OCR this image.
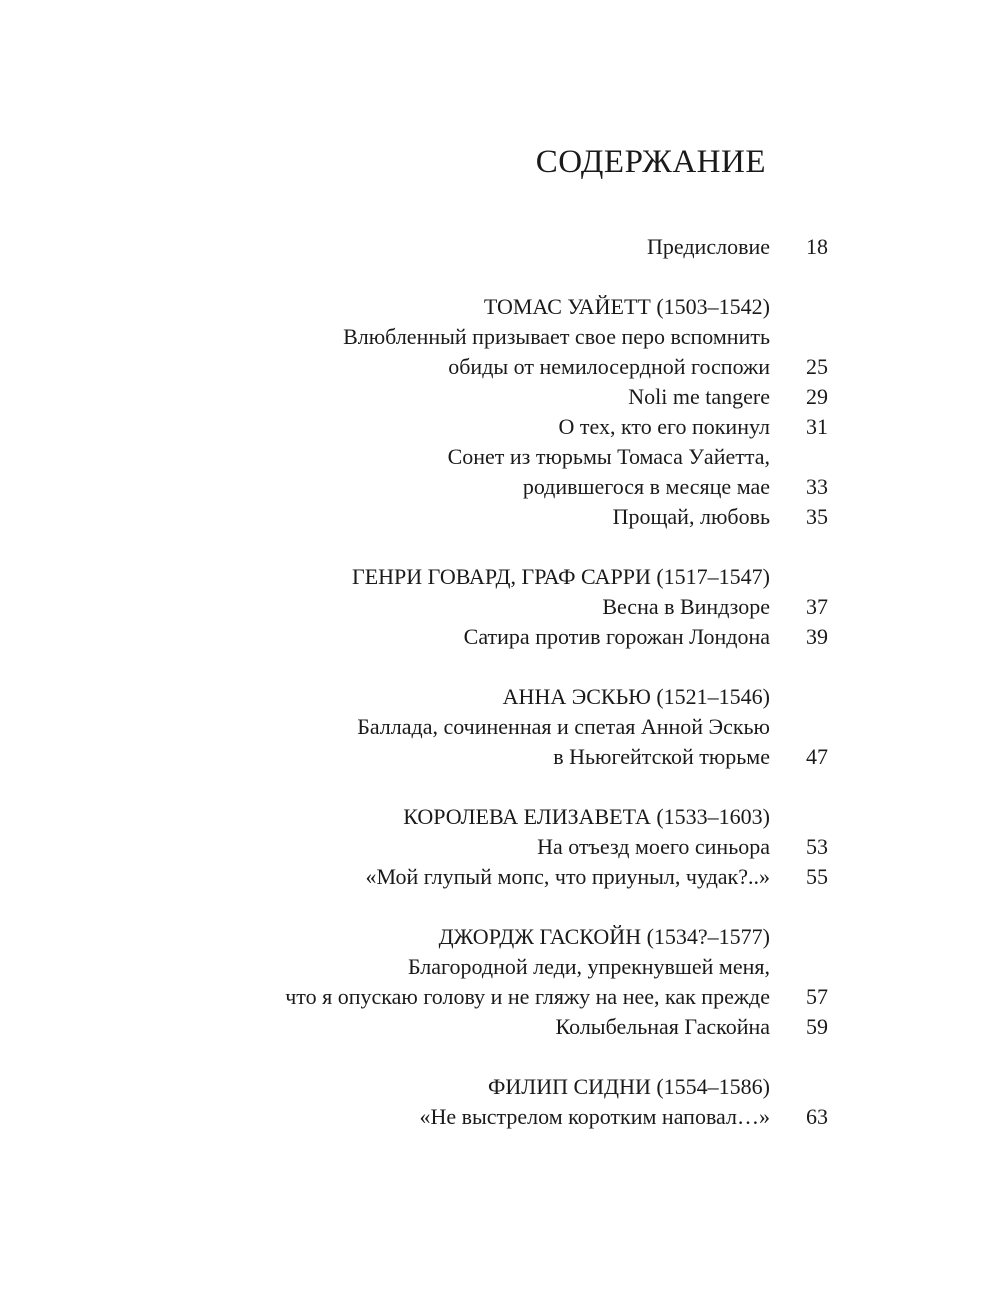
СОДЕРЖАНИЕ
Предисловие 18
ТОМАС УАЙЕТТ (1503–1542)
Влюбленный призывает свое перо вспомнить
обиды от немилосердной госпожи 25
Noli me tangere 29
О тех, кто его покинул 31
Сонет из тюрьмы Томаса Уайетта,
родившегося в месяце мае 33
Прощай, любовь 35
ГЕНРИ ГОВАРД, ГРАФ САРРИ (1517–1547)
Весна в Виндзоре 37
Сатира против горожан Лондона 39
АННА ЭСКЬЮ (1521–1546)
Баллада, сочиненная и спетая Анной Эскью
в Ньюгейтской тюрьме 47
КОРОЛЕВА ЕЛИЗАВЕТА (1533–1603)
На отъезд моего синьора 53
«Мой глупый мопс, что приуныл, чудак?..» 55
ДЖОРДЖ ГАСКОЙН (1534?–1577)
Благородной леди, упрекнувшей меня,
что я опускаю голову и не гляжу на нее, как прежде 57
Колыбельная Гаскойна 59
ФИЛИП СИДНИ (1554–1586)
«Не выстрелом коротким наповал…» 63
